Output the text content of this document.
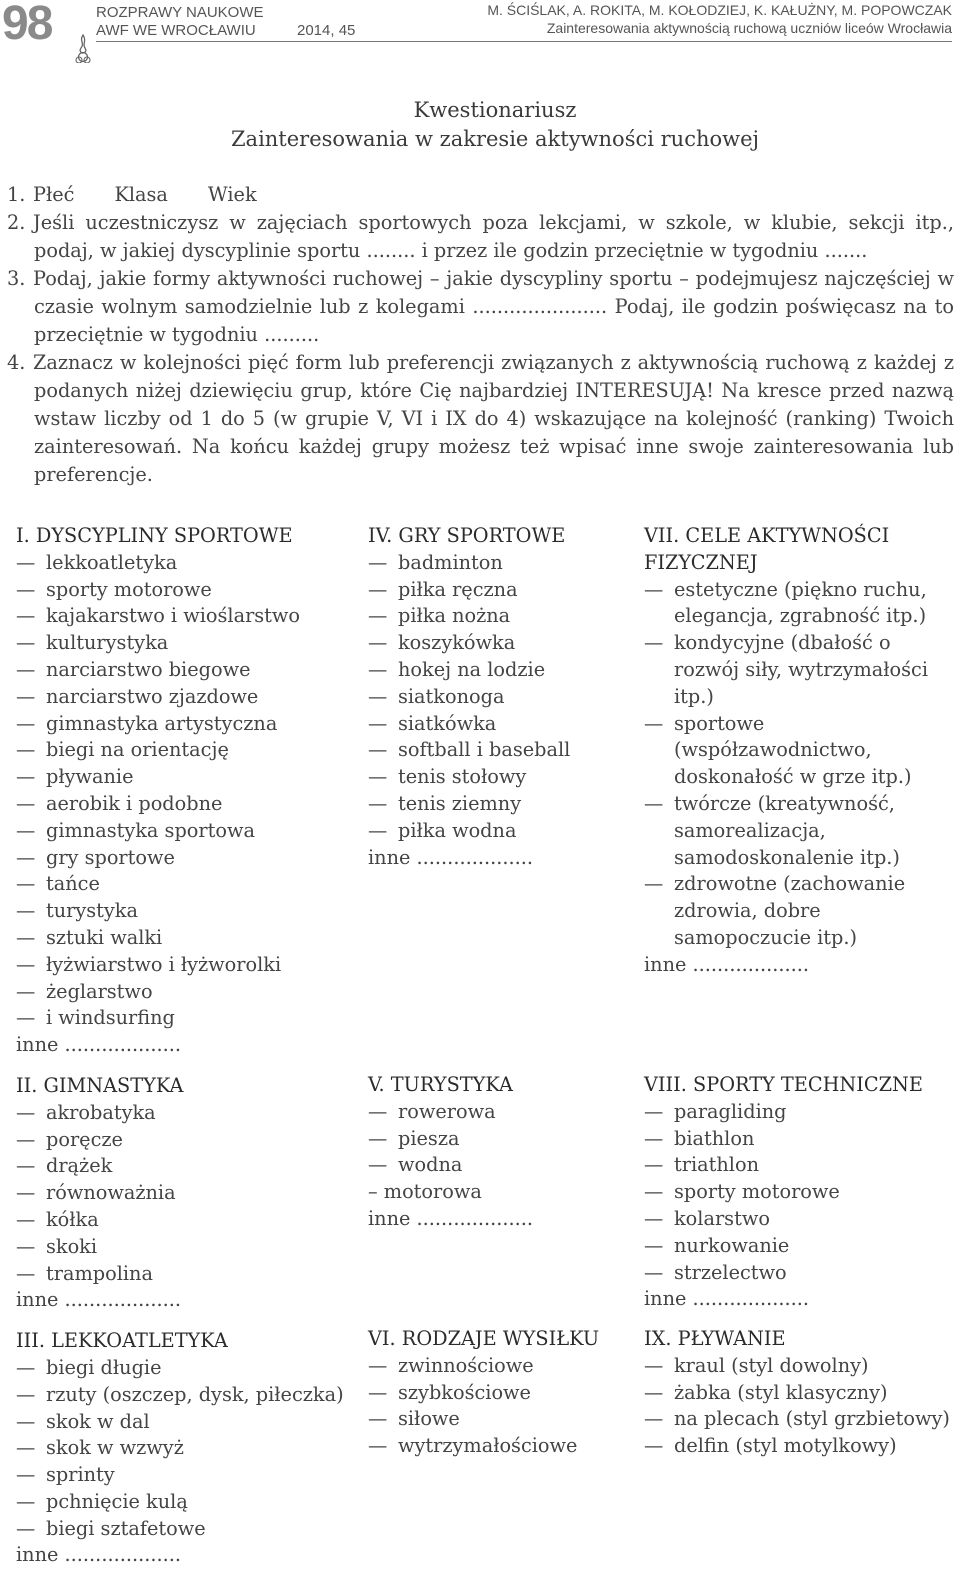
98	ROZPRAWY NAUKOWE
AWF WE WROCŁAWIU	2014, 45
M. ŚCIŚLAK, A. ROKITA, M. KOŁODZIEJ, K. KAŁUŻNY, M. POPOWCZAK
Zainteresowania aktywnością ruchową uczniów liceów Wrocławia
Kwestionariusz
Zainteresowania w zakresie aktywności ruchowej

1. Płeć Klasa Wiek

2. Jeśli uczestniczysz w zajęciach sportowych poza lekcjami, w szkole, w klubie, sekcji itp., podaj, w jakiej dyscyplinie sportu ........ i przez ile godzin przeciętnie w tygodniu .......

3. Podaj, jakie formy aktywności ruchowej – jakie dyscypliny sportu – podejmujesz najczęściej w czasie wolnym samodzielnie lub z kolegami ...................... Podaj, ile godzin poświęcasz na to przeciętnie w tygodniu .........

4. Zaznacz w kolejności pięć form lub preferencji związanych z aktywnością ruchową z każdej z podanych niżej dziewięciu grup, które Cię najbardziej INTERESUJĄ! Na kresce przed nazwą wstaw liczby od 1 do 5 (w grupie V, VI i IX do 4) wskazujące na kolejność (ranking) Twoich zainteresowań. Na końcu każdej grupy możesz też wpisać inne swoje zainteresowania lub preferencje.

I. DYSCYPLINY SPORTOWE
— lekkoatletyka
— sporty motorowe
— kajakarstwo i wioślarstwo
— kulturystyka
— narciarstwo biegowe
— narciarstwo zjazdowe
— gimnastyka artystyczna
— biegi na orientację
— pływanie
— aerobik i podobne
— gimnastyka sportowa
— gry sportowe
— tańce
— turystyka
— sztuki walki
— łyżwiarstwo i łyżworolki
— żeglarstwo
— i windsurfing
inne ...................
II. GIMNASTYKA
— akrobatyka
— poręcze
— drążek
— równoważnia
— kółka
— skoki
— trampolina
inne ...................
III. LEKKOATLETYKA
— biegi długie
— rzuty (oszczep, dysk, piłeczka)
— skok w dal
— skok w wzwyż
— sprinty
— pchnięcie kulą
— biegi sztafetowe
inne ...................
IV. GRY SPORTOWE
— badminton
— piłka ręczna
— piłka nożna
— koszykówka
— hokej na lodzie
— siatkonoga
— siatkówka
— softball i baseball
— tenis stołowy
— tenis ziemny
— piłka wodna
inne ...................
V. TURYSTYKA
— rowerowa
— piesza
— wodna
– motorowa
inne ...................
VI. RODZAJE WYSIŁKU
— zwinnościowe
— szybkościowe
— siłowe
— wytrzymałościowe
VII. CELE AKTYWNOŚCI
FIZYCZNEJ
— estetyczne (piękno ruchu, elegancja, zgrabność itp.)
— kondycyjne (dbałość o rozwój siły, wytrzymałości itp.)
— sportowe (współzawodnictwo, doskonałość w grze itp.)
— twórcze (kreatywność, samorealizacja, samodoskonalenie itp.)
— zdrowotne (zachowanie zdrowia, dobre samopoczucie itp.)
inne ...................
VIII. SPORTY TECHNICZNE
— paragliding
— biathlon
— triathlon
— sporty motorowe
— kolarstwo
— nurkowanie
— strzelectwo
inne ...................
IX. PŁYWANIE
— kraul (styl dowolny)
— żabka (styl klasyczny)
— na plecach (styl grzbietowy)
— delfin (styl motylkowy)
